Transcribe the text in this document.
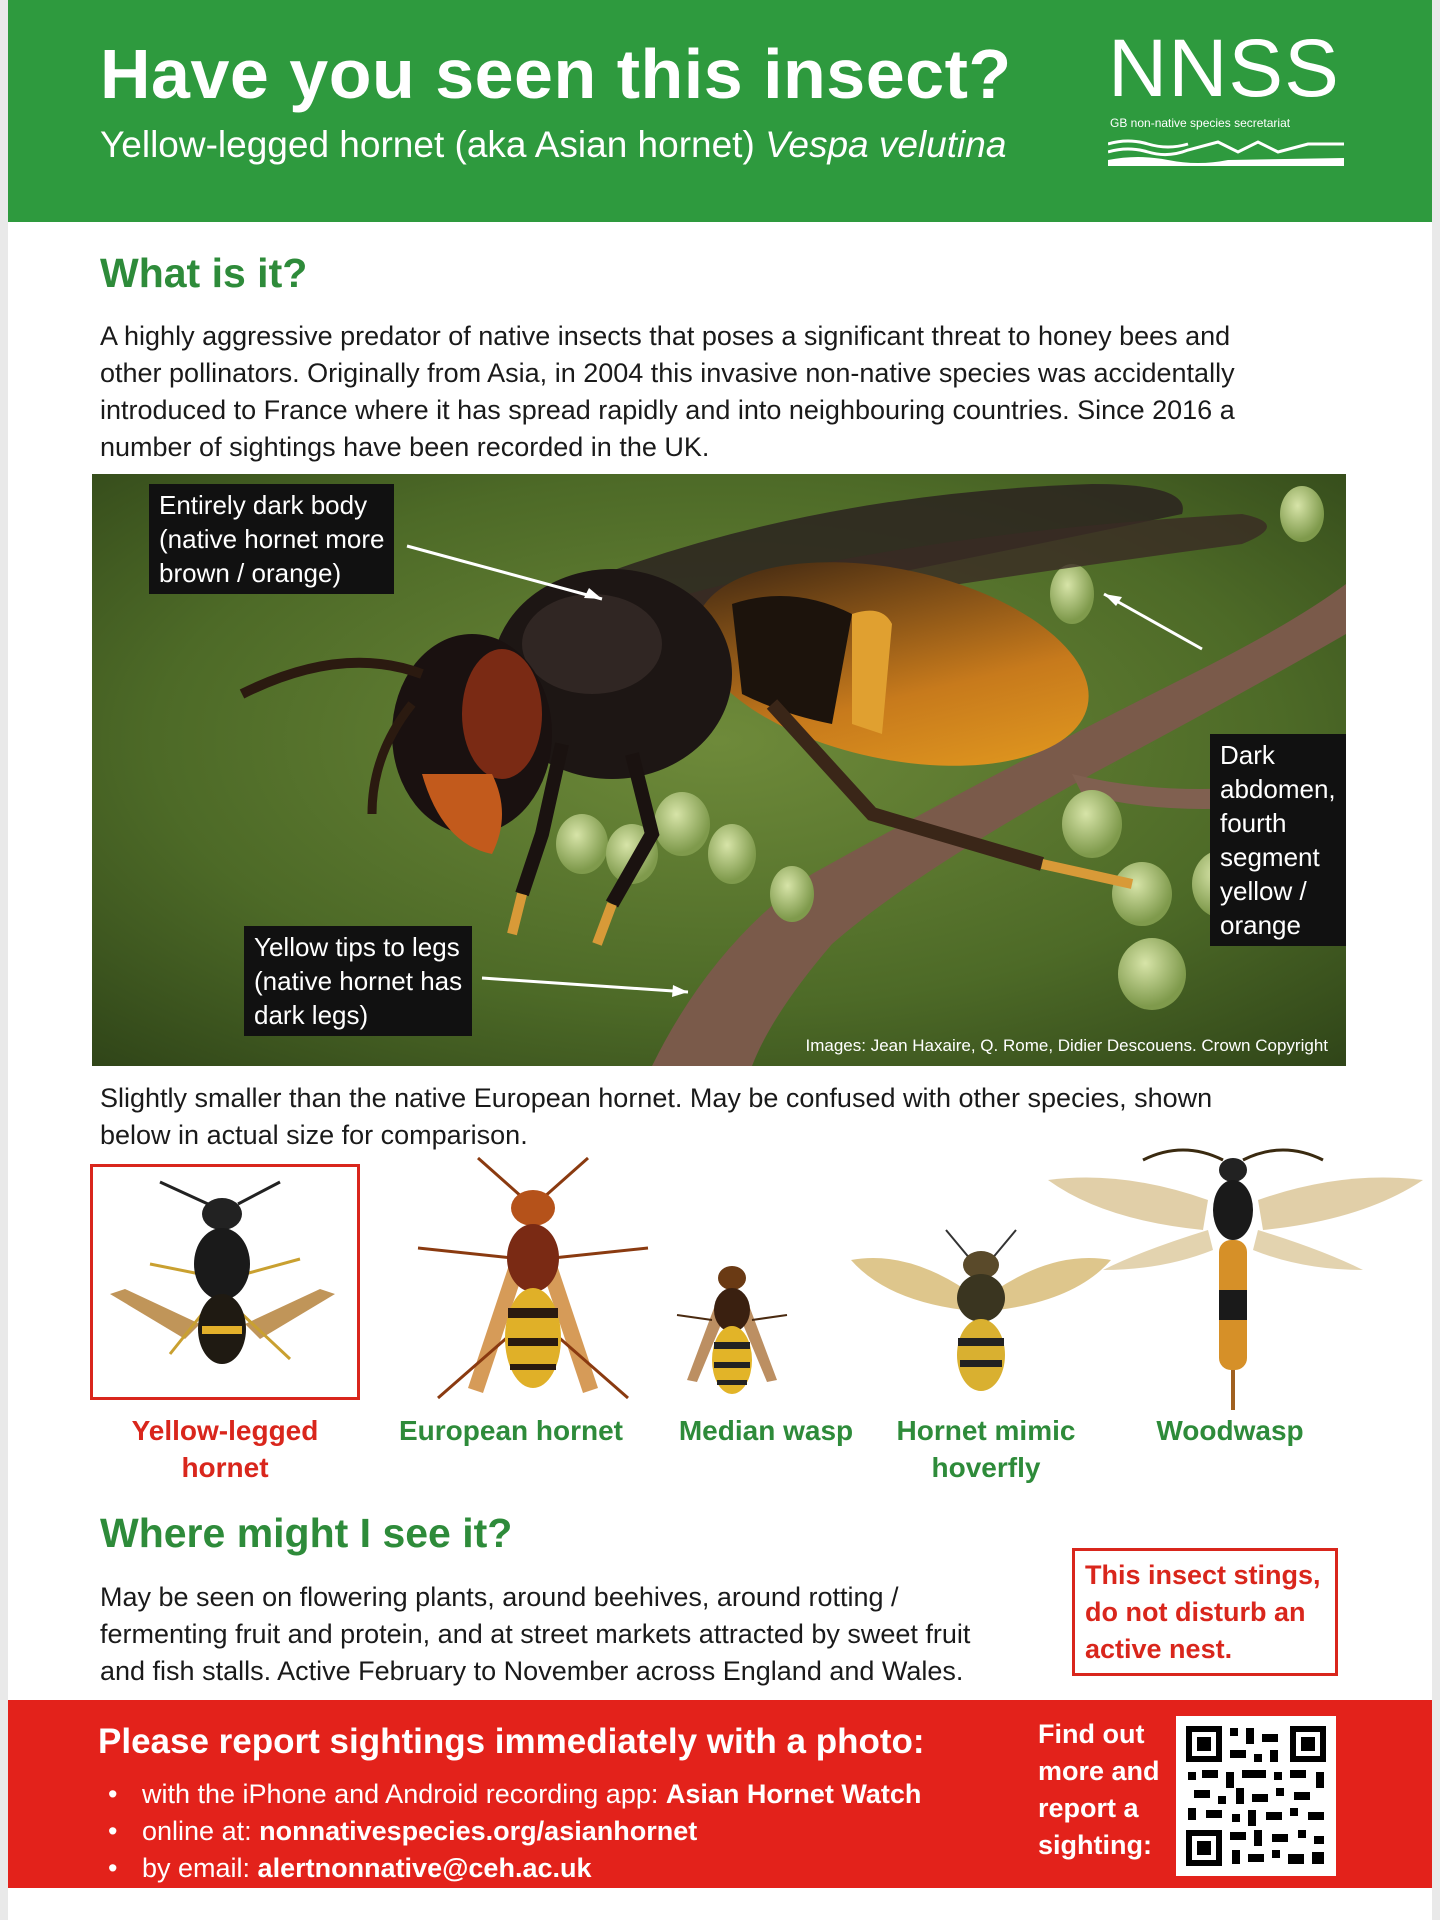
Have you seen this insect?
Yellow-legged hornet (aka Asian hornet) Vespa velutina
NNSS
GB non-native species secretariat
What is it?
A highly aggressive predator of native insects that poses a significant threat to honey bees and
other pollinators. Originally from Asia, in 2004 this invasive non-native species was accidentally
introduced to France where it has spread rapidly and into neighbouring countries. Since 2016 a
number of sightings have been recorded in the UK.
Entirely dark body
(native hornet more
brown / orange)
Dark
abdomen,
fourth
segment
yellow /
orange
Yellow tips to legs
(native hornet has
dark legs)
Images: Jean Haxaire, Q. Rome, Didier Descouens. Crown Copyright
Slightly smaller than the native European hornet. May be confused with other species, shown
below in actual size for comparison.
Yellow-legged
hornet
European hornet	Median wasp	Hornet mimic
hoverfly
Woodwasp
Where might I see it?
May be seen on flowering plants, around beehives, around rotting /
fermenting fruit and protein, and at street markets attracted by sweet fruit
and fish stalls. Active February to November across England and Wales.
This insect stings,
do not disturb an
active nest.
Please report sightings immediately with a photo:
• with the iPhone and Android recording app: Asian Hornet Watch
• online at: nonnativespecies.org/asianhornet
• by email: alertnonnative@ceh.ac.uk
Find out
more and
report a
sighting:
